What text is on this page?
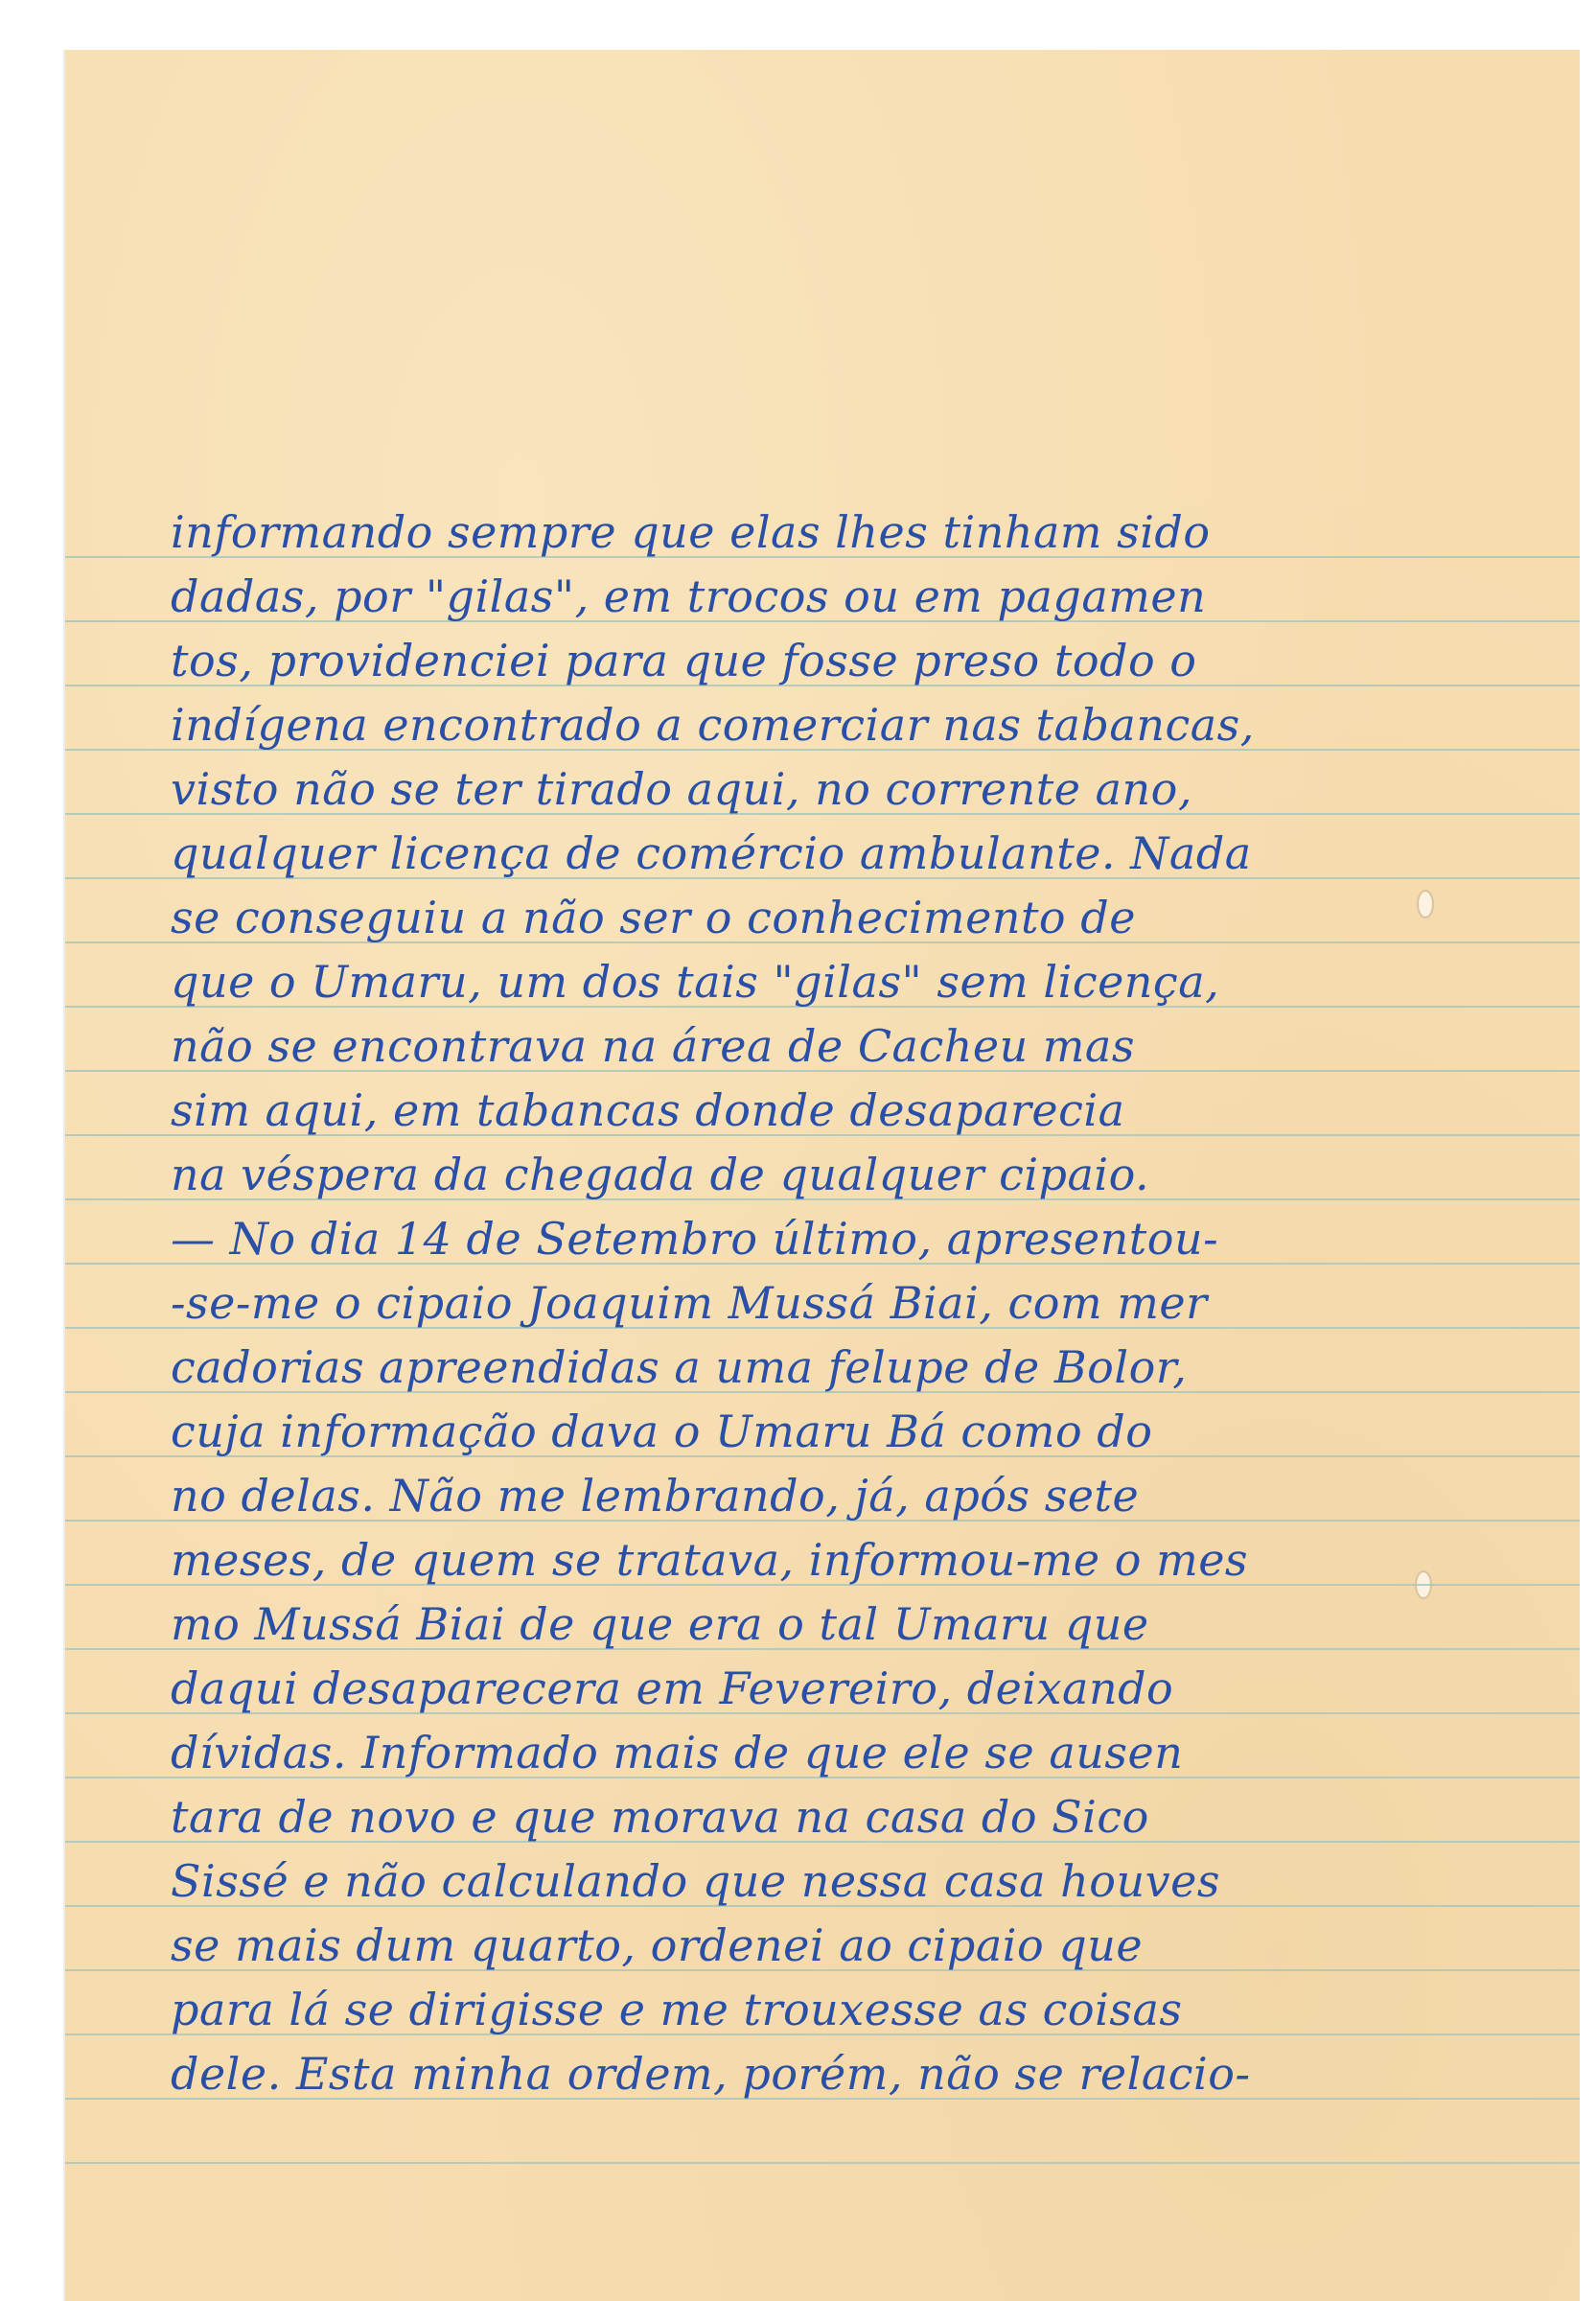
informando sempre que elas lhes tinham sido

dadas, por "gilas", em trocos ou em pagamen

tos, providenciei para que fosse preso todo o

indígena encontrado a comerciar nas tabancas,

visto não se ter tirado aqui, no corrente ano,

qualquer licença de comércio ambulante. Nada

se conseguiu a não ser o conhecimento de

que o Umaru, um dos tais "gilas" sem licença,

não se encontrava na área de Cacheu mas

sim aqui, em tabancas donde desaparecia

na véspera da chegada de qualquer cipaio.

— No dia 14 de Setembro último, apresentou-

-se-me o cipaio Joaquim Mussá Biai, com mer

cadorias apreendidas a uma felupe de Bolor,

cuja informação dava o Umaru Bá como do

no delas. Não me lembrando, já, após sete

meses, de quem se tratava, informou-me o mes

mo Mussá Biai de que era o tal Umaru que

daqui desaparecera em Fevereiro, deixando

dívidas. Informado mais de que ele se ausen

tara de novo e que morava na casa do Sico

Sissé e não calculando que nessa casa houves

se mais dum quarto, ordenei ao cipaio que

para lá se dirigisse e me trouxesse as coisas

dele. Esta minha ordem, porém, não se relacio-
